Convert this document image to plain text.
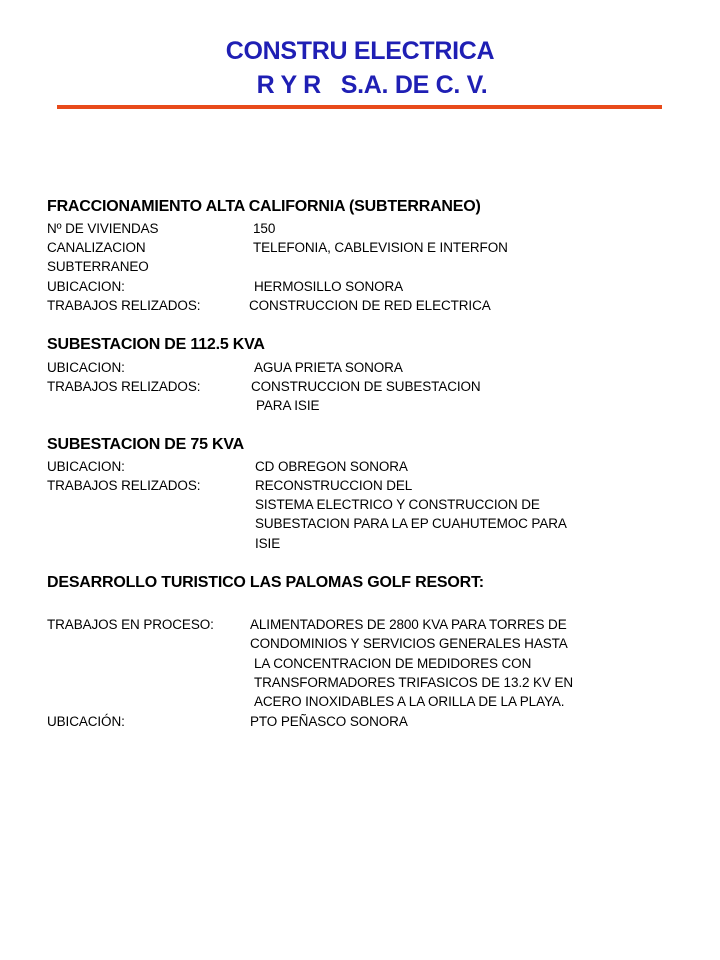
CONSTRU ELECTRICA
R Y R   S.A. DE C. V.
FRACCIONAMIENTO ALTA CALIFORNIA (SUBTERRANEO)
Nº DE VIVIENDAS	150
CANALIZACION	TELEFONIA, CABLEVISION E INTERFON
SUBTERRANEO
UBICACION:	HERMOSILLO SONORA
TRABAJOS RELIZADOS:	CONSTRUCCION DE RED ELECTRICA
SUBESTACION DE 112.5 KVA
UBICACION:	AGUA PRIETA SONORA
TRABAJOS RELIZADOS:	CONSTRUCCION DE SUBESTACION
PARA ISIE
SUBESTACION DE 75 KVA
UBICACION:	CD OBREGON SONORA
TRABAJOS RELIZADOS:	RECONSTRUCCION DEL
SISTEMA ELECTRICO Y CONSTRUCCION DE
SUBESTACION PARA LA EP CUAHUTEMOC PARA
ISIE
DESARROLLO TURISTICO LAS PALOMAS GOLF RESORT:
TRABAJOS EN PROCESO:	ALIMENTADORES DE 2800 KVA PARA TORRES DE
CONDOMINIOS Y SERVICIOS GENERALES HASTA
LA CONCENTRACION DE MEDIDORES CON
TRANSFORMADORES TRIFASICOS DE 13.2 KV EN
ACERO INOXIDABLES A LA ORILLA DE LA PLAYA.
UBICACIÓN:	PTO PEÑASCO SONORA
